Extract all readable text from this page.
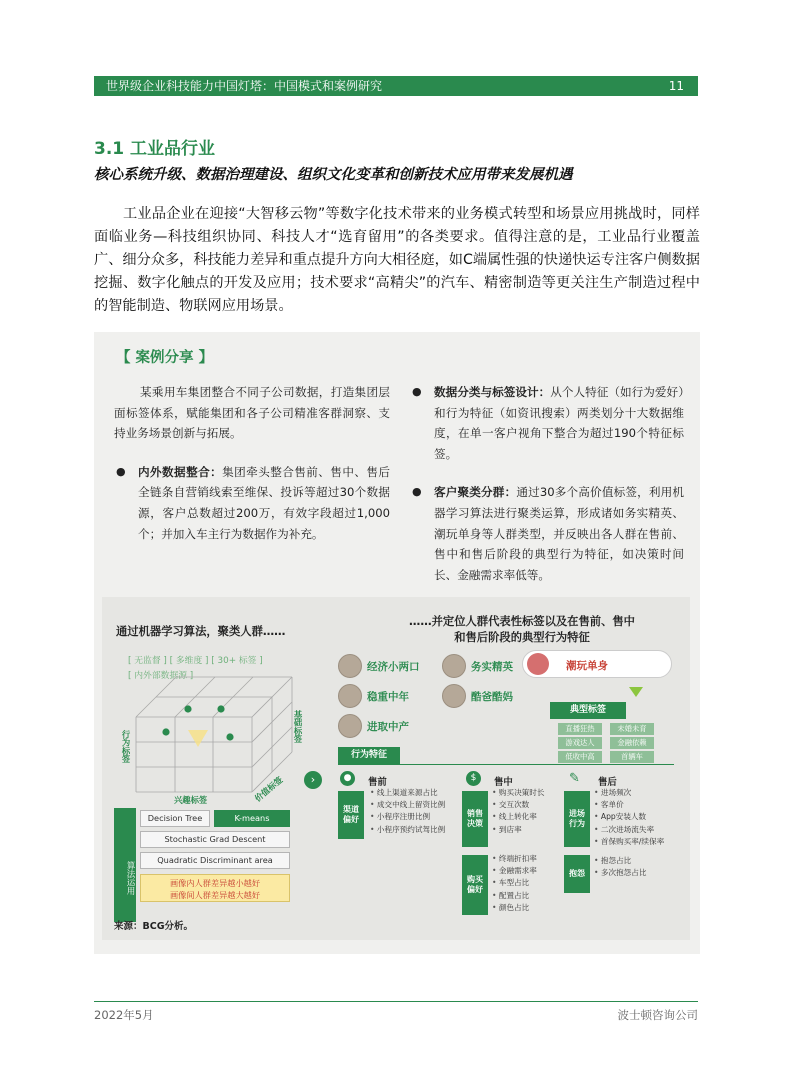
世界级企业科技能力中国灯塔：中国模式和案例研究	11
3.1 工业品行业
核心系统升级、数据治理建设、组织文化变革和创新技术应用带来发展机遇

工业品企业在迎接“大智移云物”等数字化技术带来的业务模式转型和场景应用挑战时，同样面临业务—科技组织协同、科技人才“选育留用”的各类要求。值得注意的是，工业品行业覆盖广、细分众多，科技能力差异和重点提升方向大相径庭，如C端属性强的快递快运专注客户侧数据挖掘、数字化触点的开发及应用；技术要求“高精尖”的汽车、精密制造等更关注生产制造过程中的智能制造、物联网应用场景。

【 案例分享 】

某乘用车集团整合不同子公司数据，打造集团层面标签体系，赋能集团和各子公司精准客群洞察、支持业务场景创新与拓展。

● 内外数据整合：集团牵头整合售前、售中、售后全链条自营销线索至维保、投诉等超过30个数据源，客户总数超过200万，有效字段超过1,000个；并加入车主行为数据作为补充。
● 数据分类与标签设计：从个人特征（如行为爱好）和行为特征（如资讯搜索）两类划分十大数据维度，在单一客户视角下整合为超过190个特征标签。
● 客户聚类分群：通过30多个高价值标签，利用机器学习算法进行聚类运算，形成诸如务实精英、潮玩单身等人群类型，并反映出各人群在售前、售中和售后阶段的典型行为特征，如决策时间长、金融需求率低等。
通过机器学习算法，聚类人群……
……并定位人群代表性标签以及在售前、售中
和售后阶段的典型行为特征
[ 无监督 ] [ 多维度 ] [ 30+ 标签 ]
[ 内外部数据源 ]
行为标签
基础标签
兴趣标签	价值标签
算法运用
Decision Tree	K-means
Stochastic Grad Descent
Quadratic Discriminant area
画像内人群差异越小越好
画像间人群差异越大越好
来源：BCG分析。
›
经济小两口	务实精英
稳重中年	酷爸酷妈
进取中产
潮玩单身
典型标签
直播狂热	未婚未育
游戏达人	金融依赖
低收中高	首辆车
行为特征
●	售前	$	售中	✎ 售后
渠道偏好
• 线上渠道来源占比
• 成交中线上留资比例
• 小程序注册比例
• 小程序预约试驾比例
销售决策
• 购买决策时长
• 交互次数
• 线上转化率
• 到店率
购买偏好
• 终端折扣率
• 金融需求率
• 车型占比
• 配置占比
• 颜色占比
进场行为
• 进场频次
• 客单价
• App安装人数
• 二次进场流失率
• 首保购买率/续保率
抱怨
• 抱怨占比
• 多次抱怨占比
2022年5月	波士顿咨询公司
